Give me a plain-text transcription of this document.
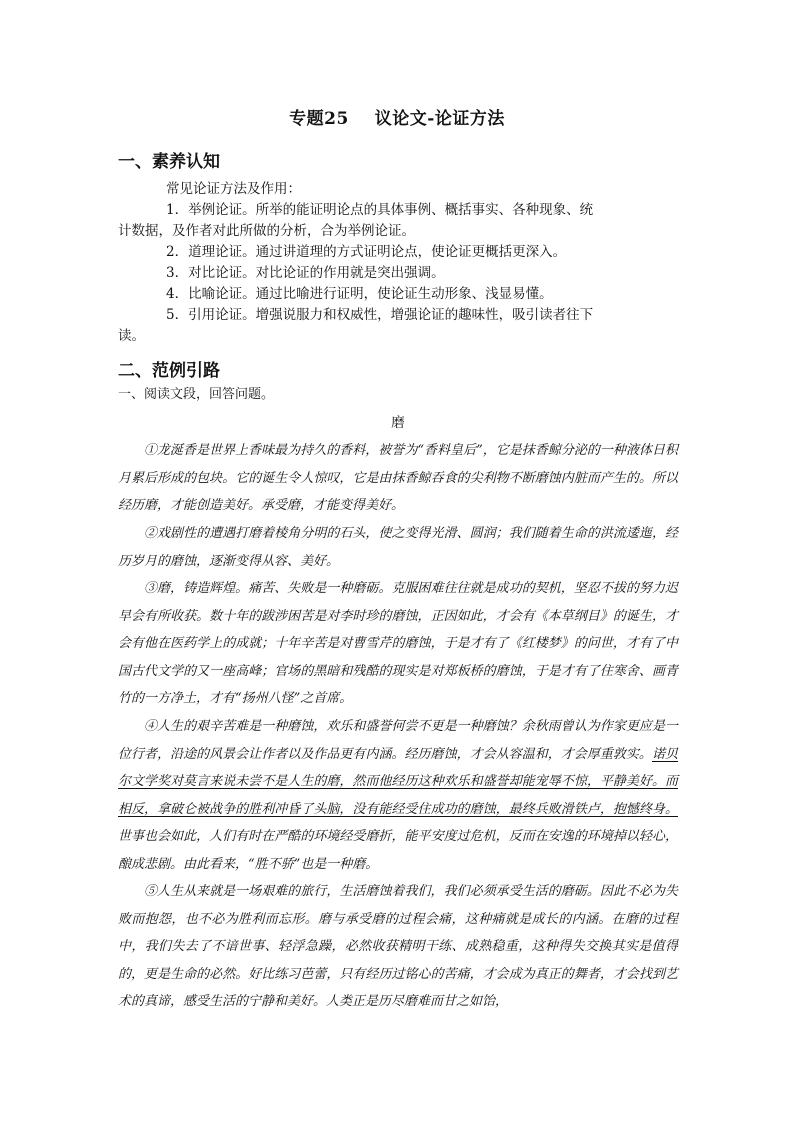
专题25 议论文-论证方法
一、素养认知
常见论证方法及作用：
1．举例论证。所举的能证明论点的具体事例、概括事实、各种现象、统
计数据，及作者对此所做的分析，合为举例论证。
2．道理论证。通过讲道理的方式证明论点，使论证更概括更深入。
3．对比论证。对比论证的作用就是突出强调。
4．比喻论证。通过比喻进行证明，使论证生动形象、浅显易懂。
5．引用论证。增强说服力和权威性，增强论证的趣味性，吸引读者往下
读。
二、范例引路
一、阅读文段，回答问题。
磨

①龙涎香是世界上香味最为持久的香料，被誉为“香料皇后”，它是抹香鲸分泌的一种液体日积月累后形成的包块。它的诞生令人惊叹，它是由抹香鲸吞食的尖利物不断磨蚀内脏而产生的。所以经历磨，才能创造美好。承受磨，才能变得美好。

②戏剧性的遭遇打磨着棱角分明的石头，使之变得光滑、圆润；我们随着生命的洪流逶迤，经历岁月的磨蚀，逐渐变得从容、美好。

③磨，铸造辉煌。痛苦、失败是一种磨砺。克服困难往往就是成功的契机，坚忍不拔的努力迟早会有所收获。数十年的跋涉困苦是对李时珍的磨蚀，正因如此，才会有《本草纲目》的诞生，才会有他在医药学上的成就；十年辛苦是对曹雪芹的磨蚀，于是才有了《红楼梦》的问世，才有了中国古代文学的又一座高峰；官场的黑暗和残酷的现实是对郑板桥的磨蚀，于是才有了住寒舍、画青竹的一方净土，才有“扬州八怪”之首席。

④人生的艰辛苦难是一种磨蚀，欢乐和盛誉何尝不更是一种磨蚀？余秋雨曾认为作家更应是一位行者，沿途的风景会让作者以及作品更有内涵。经历磨蚀，才会从容温和，才会厚重敦实。诺贝尔文学奖对莫言来说未尝不是人生的磨，然而他经历这种欢乐和盛誉却能宠辱不惊，平静美好。而相反，拿破仑被战争的胜利冲昏了头脑，没有能经受住成功的磨蚀，最终兵败滑铁卢，抱憾终身。世事也会如此，人们有时在严酷的环境经受磨折，能平安度过危机，反而在安逸的环境掉以轻心，酿成悲剧。由此看来，“胜不骄”也是一种磨。

⑤人生从来就是一场艰难的旅行，生活磨蚀着我们，我们必须承受生活的磨砺。因此不必为失败而抱怨，也不必为胜利而忘形。磨与承受磨的过程会痛，这种痛就是成长的内涵。在磨的过程中，我们失去了不谙世事、轻浮急躁，必然收获精明干练、成熟稳重，这种得失交换其实是值得的，更是生命的必然。好比练习芭蕾，只有经历过铭心的苦痛，才会成为真正的舞者，才会找到艺术的真谛，感受生活的宁静和美好。人类正是历尽磨难而甘之如饴，
